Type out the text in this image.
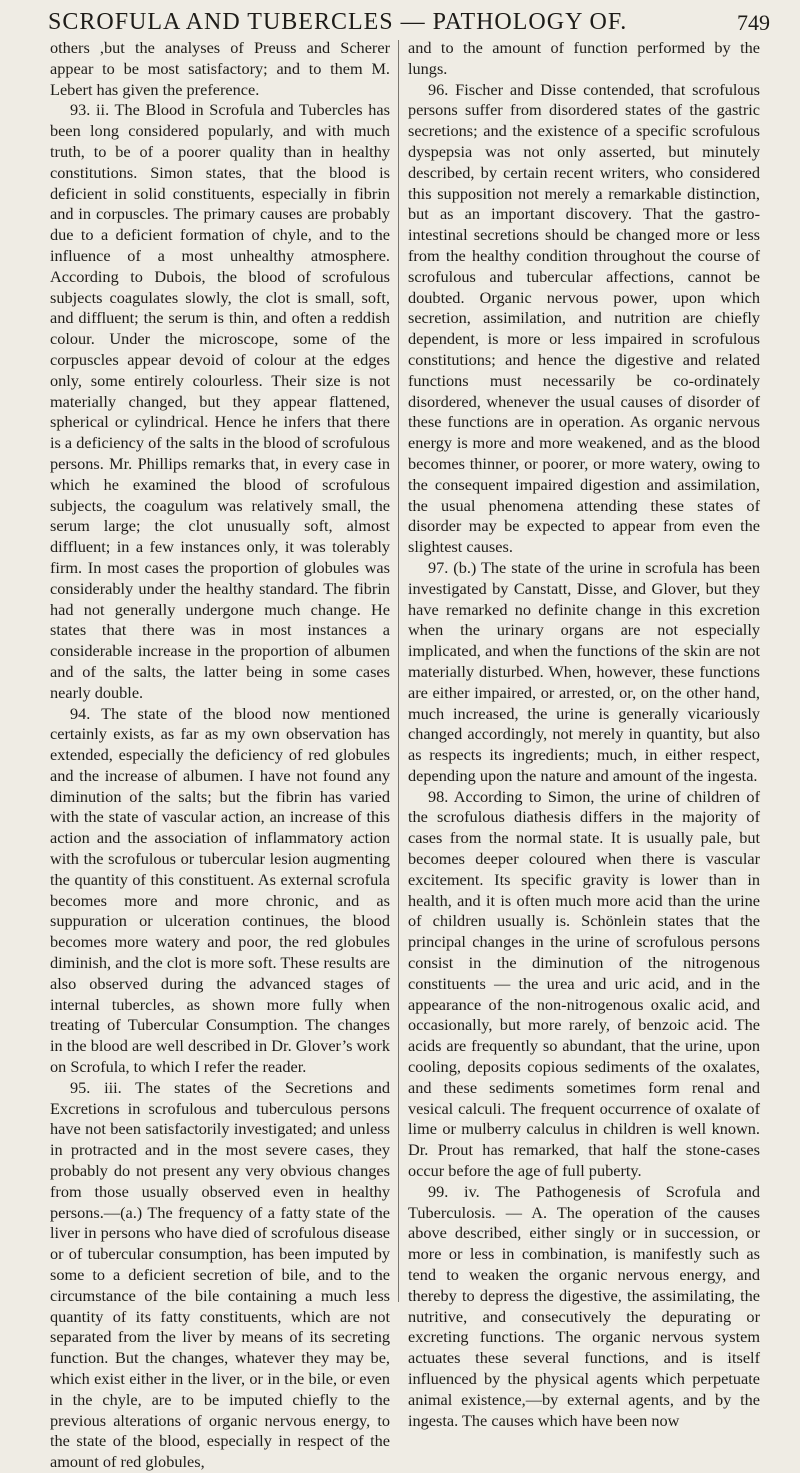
SCROFULA AND TUBERCLES — PATHOLOGY OF.	749

others ,but the analyses of Preuss and Scherer appear to be most satisfactory; and to them M. Lebert has given the preference.

93. ii. The Blood in Scrofula and Tubercles has been long considered popularly, and with much truth, to be of a poorer quality than in healthy constitutions. Simon states, that the blood is deficient in solid constituents, especially in fibrin and in corpuscles. The primary causes are probably due to a deficient formation of chyle, and to the influence of a most unhealthy atmosphere. According to Dubois, the blood of scrofulous subjects coagulates slowly, the clot is small, soft, and diffluent; the serum is thin, and often a reddish colour. Under the microscope, some of the corpuscles appear devoid of colour at the edges only, some entirely colourless. Their size is not materially changed, but they appear flattened, spherical or cylindrical. Hence he infers that there is a deficiency of the salts in the blood of scrofulous persons. Mr. Phillips remarks that, in every case in which he examined the blood of scrofulous subjects, the coagulum was relatively small, the serum large; the clot unusually soft, almost diffluent; in a few instances only, it was tolerably firm. In most cases the proportion of globules was considerably under the healthy standard. The fibrin had not generally undergone much change. He states that there was in most instances a considerable increase in the proportion of albumen and of the salts, the latter being in some cases nearly double.

94. The state of the blood now mentioned certainly exists, as far as my own observation has extended, especially the deficiency of red globules and the increase of albumen. I have not found any diminution of the salts; but the fibrin has varied with the state of vascular action, an increase of this action and the association of inflammatory action with the scrofulous or tubercular lesion augmenting the quantity of this constituent. As external scrofula becomes more and more chronic, and as suppuration or ulceration continues, the blood becomes more watery and poor, the red globules diminish, and the clot is more soft. These results are also observed during the advanced stages of internal tubercles, as shown more fully when treating of Tubercular Consumption. The changes in the blood are well described in Dr. Glover’s work on Scrofula, to which I refer the reader.

95. iii. The states of the Secretions and Excretions in scrofulous and tuberculous persons have not been satisfactorily investigated; and unless in protracted and in the most severe cases, they probably do not present any very obvious changes from those usually observed even in healthy persons.—(a.) The frequency of a fatty state of the liver in persons who have died of scrofulous disease or of tubercular consumption, has been imputed by some to a deficient secretion of bile, and to the circumstance of the bile containing a much less quantity of its fatty constituents, which are not separated from the liver by means of its secreting function. But the changes, whatever they may be, which exist either in the liver, or in the bile, or even in the chyle, are to be imputed chiefly to the previous alterations of organic nervous energy, to the state of the blood, especially in respect of the amount of red globules,

and to the amount of function performed by the lungs.

96. Fischer and Disse contended, that scrofulous persons suffer from disordered states of the gastric secretions; and the existence of a specific scrofulous dyspepsia was not only asserted, but minutely described, by certain recent writers, who considered this supposition not merely a remarkable distinction, but as an important discovery. That the gastro-intestinal secretions should be changed more or less from the healthy condition throughout the course of scrofulous and tubercular affections, cannot be doubted. Organic nervous power, upon which secretion, assimilation, and nutrition are chiefly dependent, is more or less impaired in scrofulous constitutions; and hence the digestive and related functions must necessarily be co-ordinately disordered, whenever the usual causes of disorder of these functions are in operation. As organic nervous energy is more and more weakened, and as the blood becomes thinner, or poorer, or more watery, owing to the consequent impaired digestion and assimilation, the usual phenomena attending these states of disorder may be expected to appear from even the slightest causes.

97. (b.) The state of the urine in scrofula has been investigated by Canstatt, Disse, and Glover, but they have remarked no definite change in this excretion when the urinary organs are not especially implicated, and when the functions of the skin are not materially disturbed. When, however, these functions are either impaired, or arrested, or, on the other hand, much increased, the urine is generally vicariously changed accordingly, not merely in quantity, but also as respects its ingredients; much, in either respect, depending upon the nature and amount of the ingesta.

98. According to Simon, the urine of children of the scrofulous diathesis differs in the majority of cases from the normal state. It is usually pale, but becomes deeper coloured when there is vascular excitement. Its specific gravity is lower than in health, and it is often much more acid than the urine of children usually is. Schönlein states that the principal changes in the urine of scrofulous persons consist in the diminution of the nitrogenous constituents — the urea and uric acid, and in the appearance of the non-nitrogenous oxalic acid, and occasionally, but more rarely, of benzoic acid. The acids are frequently so abundant, that the urine, upon cooling, deposits copious sediments of the oxalates, and these sediments sometimes form renal and vesical calculi. The frequent occurrence of oxalate of lime or mulberry calculus in children is well known. Dr. Prout has remarked, that half the stone-cases occur before the age of full puberty.

99. iv. The Pathogenesis of Scrofula and Tuberculosis. — A. The operation of the causes above described, either singly or in succession, or more or less in combination, is manifestly such as tend to weaken the organic nervous energy, and thereby to depress the digestive, the assimilating, the nutritive, and consecutively the depurating or excreting functions. The organic nervous system actuates these several functions, and is itself influenced by the physical agents which perpetuate animal existence,—by external agents, and by the ingesta. The causes which have been now
